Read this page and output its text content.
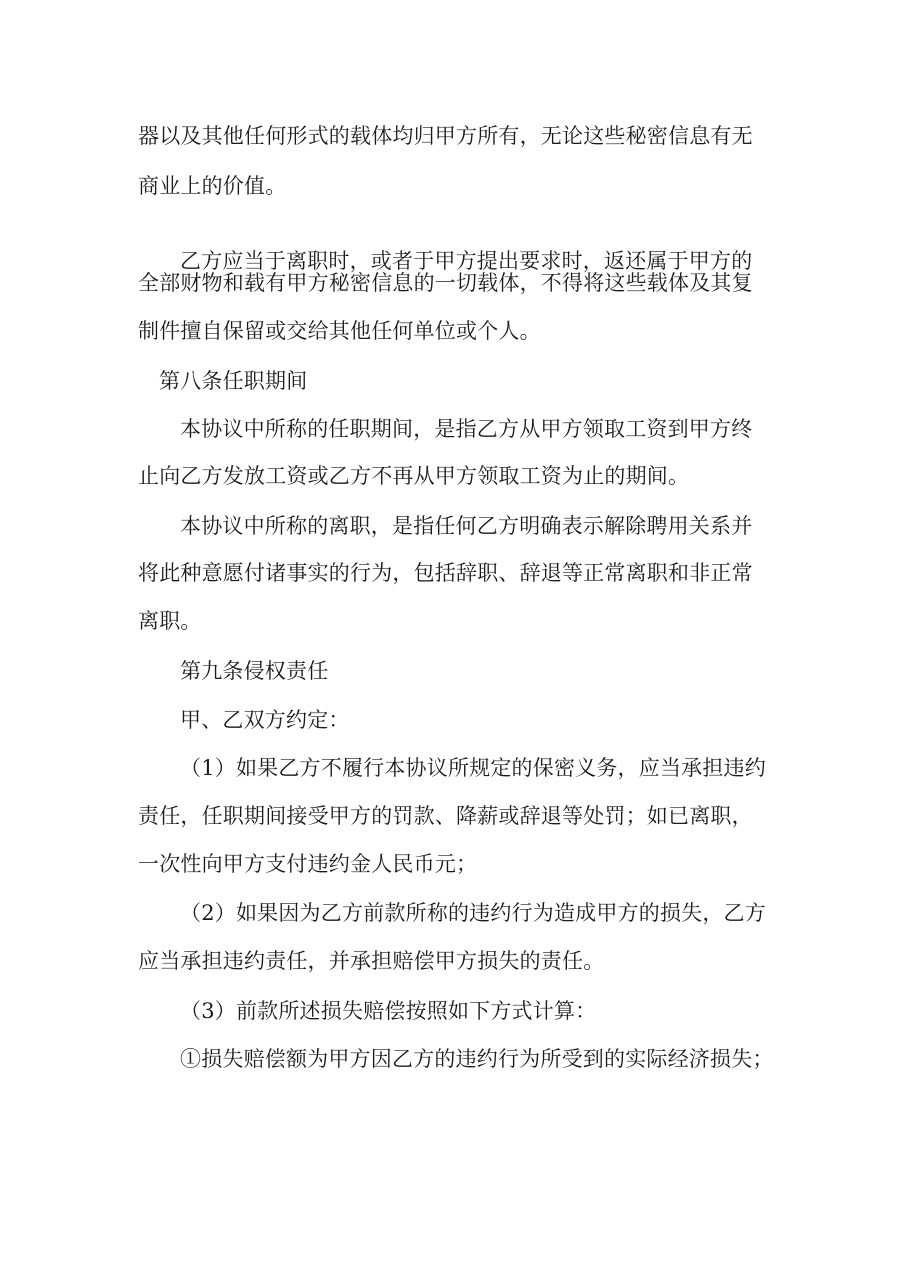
器以及其他任何形式的载体均归甲方所有，无论这些秘密信息有无
商业上的价值。
乙方应当于离职时，或者于甲方提出要求时，返还属于甲方的
全部财物和载有甲方秘密信息的一切载体，不得将这些载体及其复
制件擅自保留或交给其他任何单位或个人。
第八条任职期间
本协议中所称的任职期间，是指乙方从甲方领取工资到甲方终
止向乙方发放工资或乙方不再从甲方领取工资为止的期间。
本协议中所称的离职，是指任何乙方明确表示解除聘用关系并
将此种意愿付诸事实的行为，包括辞职、辞退等正常离职和非正常
离职。
第九条侵权责任
甲、乙双方约定：
（1）如果乙方不履行本协议所规定的保密义务，应当承担违约
责任，任职期间接受甲方的罚款、降薪或辞退等处罚；如已离职，
一次性向甲方支付违约金人民币元；
（2）如果因为乙方前款所称的违约行为造成甲方的损失，乙方
应当承担违约责任，并承担赔偿甲方损失的责任。
（3）前款所述损失赔偿按照如下方式计算：
①损失赔偿额为甲方因乙方的违约行为所受到的实际经济损失；
